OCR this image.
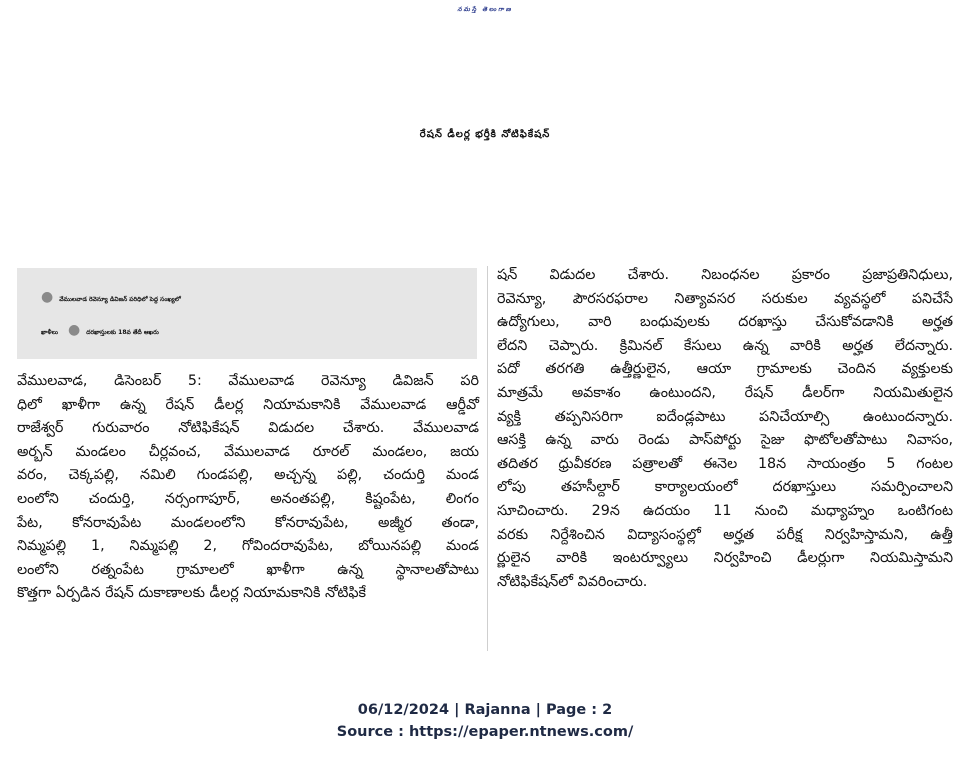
నమస్తే తెలంగాణ
రేషన్ డీలర్ల భర్తీకి నోటిఫికేషన్
● వేములవాడ రెవెన్యూ డివిజన్ పరిధిలో పెద్ద సంఖ్యలో
ఖాళీలు ● దరఖాస్తులకు 18వ తేదీ ఆఖరు
వేములవాడ, డిసెంబర్ 5: వేములవాడ రెవెన్యూ డివిజన్ పరి
ధిలో ఖాళీగా ఉన్న రేషన్ డీలర్ల నియామకానికి వేములవాడ ఆర్డీవో
రాజేశ్వర్ గురువారం నోటిఫికేషన్ విడుదల చేశారు. వేములవాడ
అర్బన్ మండలం చీర్లవంచ, వేములవాడ రూరల్ మండలం, జయ
వరం, చెక్కపల్లి, నమిలి గుండపల్లి, అచ్చన్న పల్లి, చందుర్తి మండ
లంలోని చందుర్తి, నర్సంగాపూర్, అనంతపల్లి, కిష్టంపేట, లింగం
పేట, కోనరావుపేట మండలంలోని కోనరావుపేట, అజ్మీర తండా,
నిమ్మపల్లి 1, నిమ్మపల్లి 2, గోవిందరావుపేట, బోయినపల్లి మండ
లంలోని రత్నంపేట గ్రామాలలో ఖాళీగా ఉన్న స్థానాలతోపాటు
కొత్తగా ఏర్పడిన రేషన్ దుకాణాలకు డీలర్ల నియామకానికి నోటిఫికే
షన్ విడుదల చేశారు. నిబంధనల ప్రకారం ప్రజాప్రతినిధులు,
రెవెన్యూ, పౌరసరఫరాల నిత్యావసర సరుకుల వ్యవస్థలో పనిచేసే
ఉద్యోగులు, వారి బంధువులకు దరఖాస్తు చేసుకోవడానికి అర్హత
లేదని చెప్పారు. క్రిమినల్ కేసులు ఉన్న వారికి అర్హత లేదన్నారు.
పదో తరగతి ఉత్తీర్ణులైన, ఆయా గ్రామాలకు చెందిన వ్యక్తులకు
మాత్రమే అవకాశం ఉంటుందని, రేషన్ డీలర్‌గా నియమితులైన
వ్యక్తి తప్పనిసరిగా ఐదేండ్లపాటు పనిచేయాల్సి ఉంటుందన్నారు.
ఆసక్తి ఉన్న వారు రెండు పాస్‌పోర్టు సైజు ఫొటోలతోపాటు నివాసం,
తదితర ధ్రువీకరణ పత్రాలతో ఈనెల 18న సాయంత్రం 5 గంటల
లోపు తహసీల్దార్ కార్యాలయంలో దరఖాస్తులు సమర్పించాలని
సూచించారు. 29న ఉదయం 11 నుంచి మధ్యాహ్నం ఒంటిగంట
వరకు నిర్దేశించిన విద్యాసంస్థల్లో అర్హత పరీక్ష నిర్వహిస్తామని, ఉత్తీ
ర్ణులైన వారికి ఇంటర్వ్యూలు నిర్వహించి డీలర్లుగా నియమిస్తామని
నోటిఫికేషన్‌లో వివరించారు.
06/12/2024 | Rajanna | Page : 2
Source : https://epaper.ntnews.com/
